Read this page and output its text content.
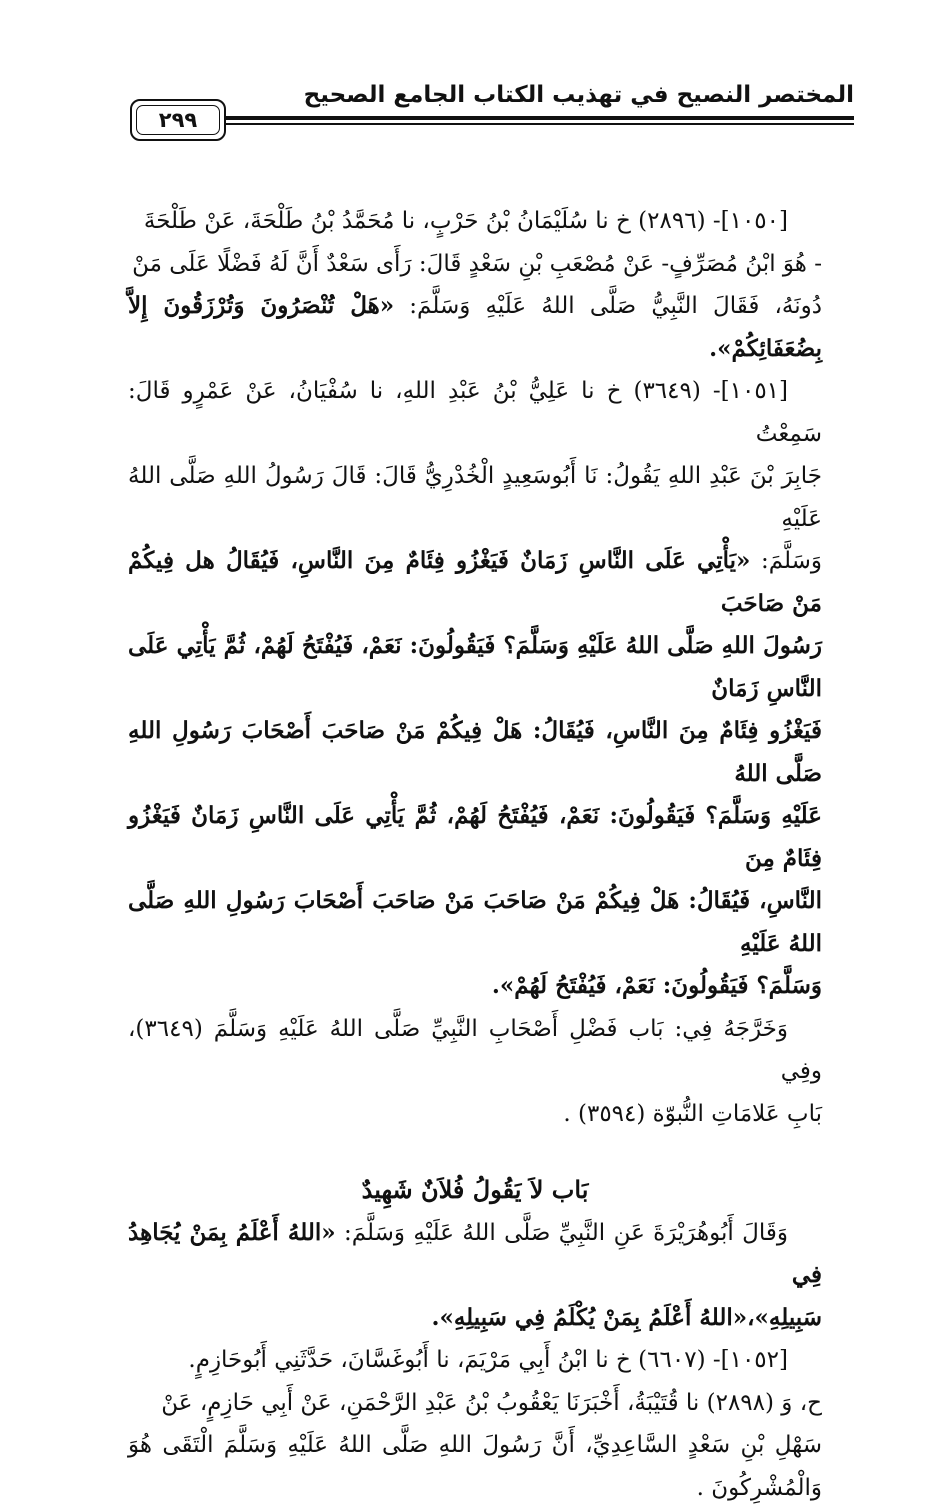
المختصر النصيح في تهذيب الكتاب الجامع الصحيح
٢٩٩

[١٠٥٠]- (٢٨٩٦) خ نا سُلَيْمَانُ بْنُ حَرْبٍ، نا مُحَمَّدُ بْنُ طَلْحَةَ، عَنْ طَلْحَةَ

- هُوَ ابْنُ مُصَرِّفٍ- عَنْ مُصْعَبِ بْنِ سَعْدٍ قَالَ: رَأَى سَعْدٌ أَنَّ لَهُ فَضْلًا عَلَى مَنْ

دُونَهُ، فَقَالَ النَّبِيُّ صَلَّى اللهُ عَلَيْهِ وَسَلَّمَ: «هَلْ تُنْصَرُونَ وَتُرْزَقُونَ إِلاَّ بِضُعَفَائِكُمْ».

[١٠٥١]- (٣٦٤٩) خ نا عَلِيُّ بْنُ عَبْدِ اللهِ، نا سُفْيَانُ، عَنْ عَمْرٍو قَالَ: سَمِعْتُ

جَابِرَ بْنَ عَبْدِ اللهِ يَقُولُ: نَا أَبُوسَعِيدٍ الْخُدْرِيُّ قَالَ: قَالَ رَسُولُ اللهِ صَلَّى اللهُ عَلَيْهِ

وَسَلَّمَ: «يَأْتِي عَلَى النَّاسِ زَمَانٌ فَيَغْزُو فِئَامٌ مِنَ النَّاسِ، فَيُقَالُ هل فِيكُمْ مَنْ صَاحَبَ

رَسُولَ اللهِ صَلَّى اللهُ عَلَيْهِ وَسَلَّمَ؟ فَيَقُولُونَ: نَعَمْ، فَيُفْتَحُ لَهُمْ، ثُمَّ يَأْتِي عَلَى النَّاسِ زَمَانٌ

فَيَغْزُو فِئَامٌ مِنَ النَّاسِ، فَيُقَالُ: هَلْ فِيكُمْ مَنْ صَاحَبَ أَصْحَابَ رَسُولِ اللهِ صَلَّى اللهُ

عَلَيْهِ وَسَلَّمَ؟ فَيَقُولُونَ: نَعَمْ، فَيُفْتَحُ لَهُمْ، ثُمَّ يَأْتِي عَلَى النَّاسِ زَمَانٌ فَيَغْزُو فِئَامٌ مِنَ

النَّاسِ، فَيُقَالُ: هَلْ فِيكُمْ مَنْ صَاحَبَ مَنْ صَاحَبَ أَصْحَابَ رَسُولِ اللهِ صَلَّى اللهُ عَلَيْهِ

وَسَلَّمَ؟ فَيَقُولُونَ: نَعَمْ، فَيُفْتَحُ لَهُمْ».

وَخَرَّجَهُ فِي: بَاب فَضْلِ أَصْحَابِ النَّبِيِّ صَلَّى اللهُ عَلَيْهِ وَسَلَّمَ (٣٦٤٩)، وفِي

بَابِ عَلامَاتِ النُّبوّة (٣٥٩٤) .

بَاب لاَ يَقُولُ فُلاَنٌ شَهِيدٌ

وَقَالَ أَبُوهُرَيْرَةَ عَنِ النَّبِيِّ صَلَّى اللهُ عَلَيْهِ وَسَلَّمَ: «اللهُ أَعْلَمُ بِمَنْ يُجَاهِدُ فِي

سَبِيلِهِ»،«اللهُ أَعْلَمُ بِمَنْ يُكْلَمُ فِي سَبِيلِهِ».

[١٠٥٢]- (٦٦٠٧) خ نا ابْنُ أَبِي مَرْيَمَ، نا أَبُوغَسَّانَ، حَدَّثَنِي أَبُوحَازِمٍ.

ح، وَ (٢٨٩٨) نا قُتَيْبَةُ، أَخْبَرَنَا يَعْقُوبُ بْنُ عَبْدِ الرَّحْمَنِ، عَنْ أَبِي حَازِمٍ، عَنْ

سَهْلِ بْنِ سَعْدٍ السَّاعِدِيِّ، أَنَّ رَسُولَ اللهِ صَلَّى اللهُ عَلَيْهِ وَسَلَّمَ الْتَقَى هُوَ وَالْمُشْرِكُونَ .
